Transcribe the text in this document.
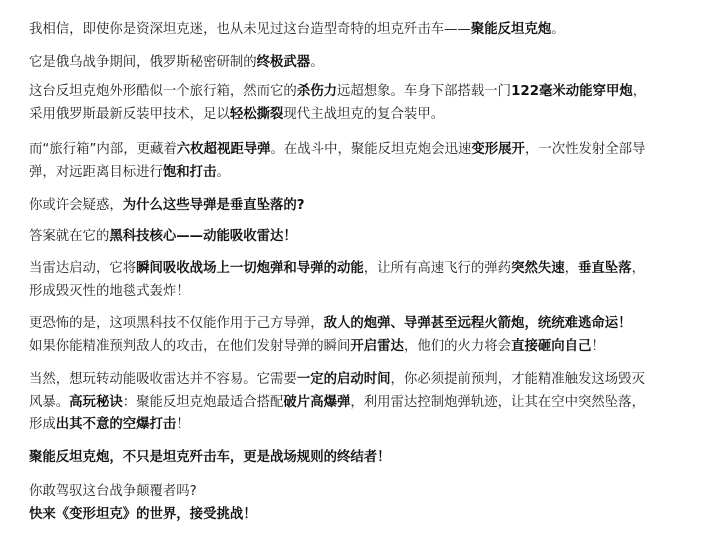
我相信，即使你是资深坦克迷，也从未见过这台造型奇特的坦克歼击车——聚能反坦克炮。

它是俄乌战争期间，俄罗斯秘密研制的终极武器。

这台反坦克炮外形酷似一个旅行箱，然而它的杀伤力远超想象。车身下部搭载一门122毫米动能穿甲炮，
采用俄罗斯最新反装甲技术，足以轻松撕裂现代主战坦克的复合装甲。

而“旅行箱”内部，更藏着六枚超视距导弹。在战斗中，聚能反坦克炮会迅速变形展开，一次性发射全部导
弹，对远距离目标进行饱和打击。

你或许会疑惑，为什么这些导弹是垂直坠落的?

答案就在它的黑科技核心——动能吸收雷达！

当雷达启动，它将瞬间吸收战场上一切炮弹和导弹的动能，让所有高速飞行的弹药突然失速，垂直坠落，
形成毁灭性的地毯式轰炸！

更恐怖的是，这项黑科技不仅能作用于己方导弹，敌人的炮弹、导弹甚至远程火箭炮，统统难逃命运！
如果你能精准预判敌人的攻击，在他们发射导弹的瞬间开启雷达，他们的火力将会直接砸向自己！

当然，想玩转动能吸收雷达并不容易。它需要一定的启动时间，你必须提前预判，才能精准触发这场毁灭
风暴。高玩秘诀：聚能反坦克炮最适合搭配破片高爆弹，利用雷达控制炮弹轨迹，让其在空中突然坠落，
形成出其不意的空爆打击！

聚能反坦克炮，不只是坦克歼击车，更是战场规则的终结者！

你敢驾驭这台战争颠覆者吗?
快来《变形坦克》的世界，接受挑战！
